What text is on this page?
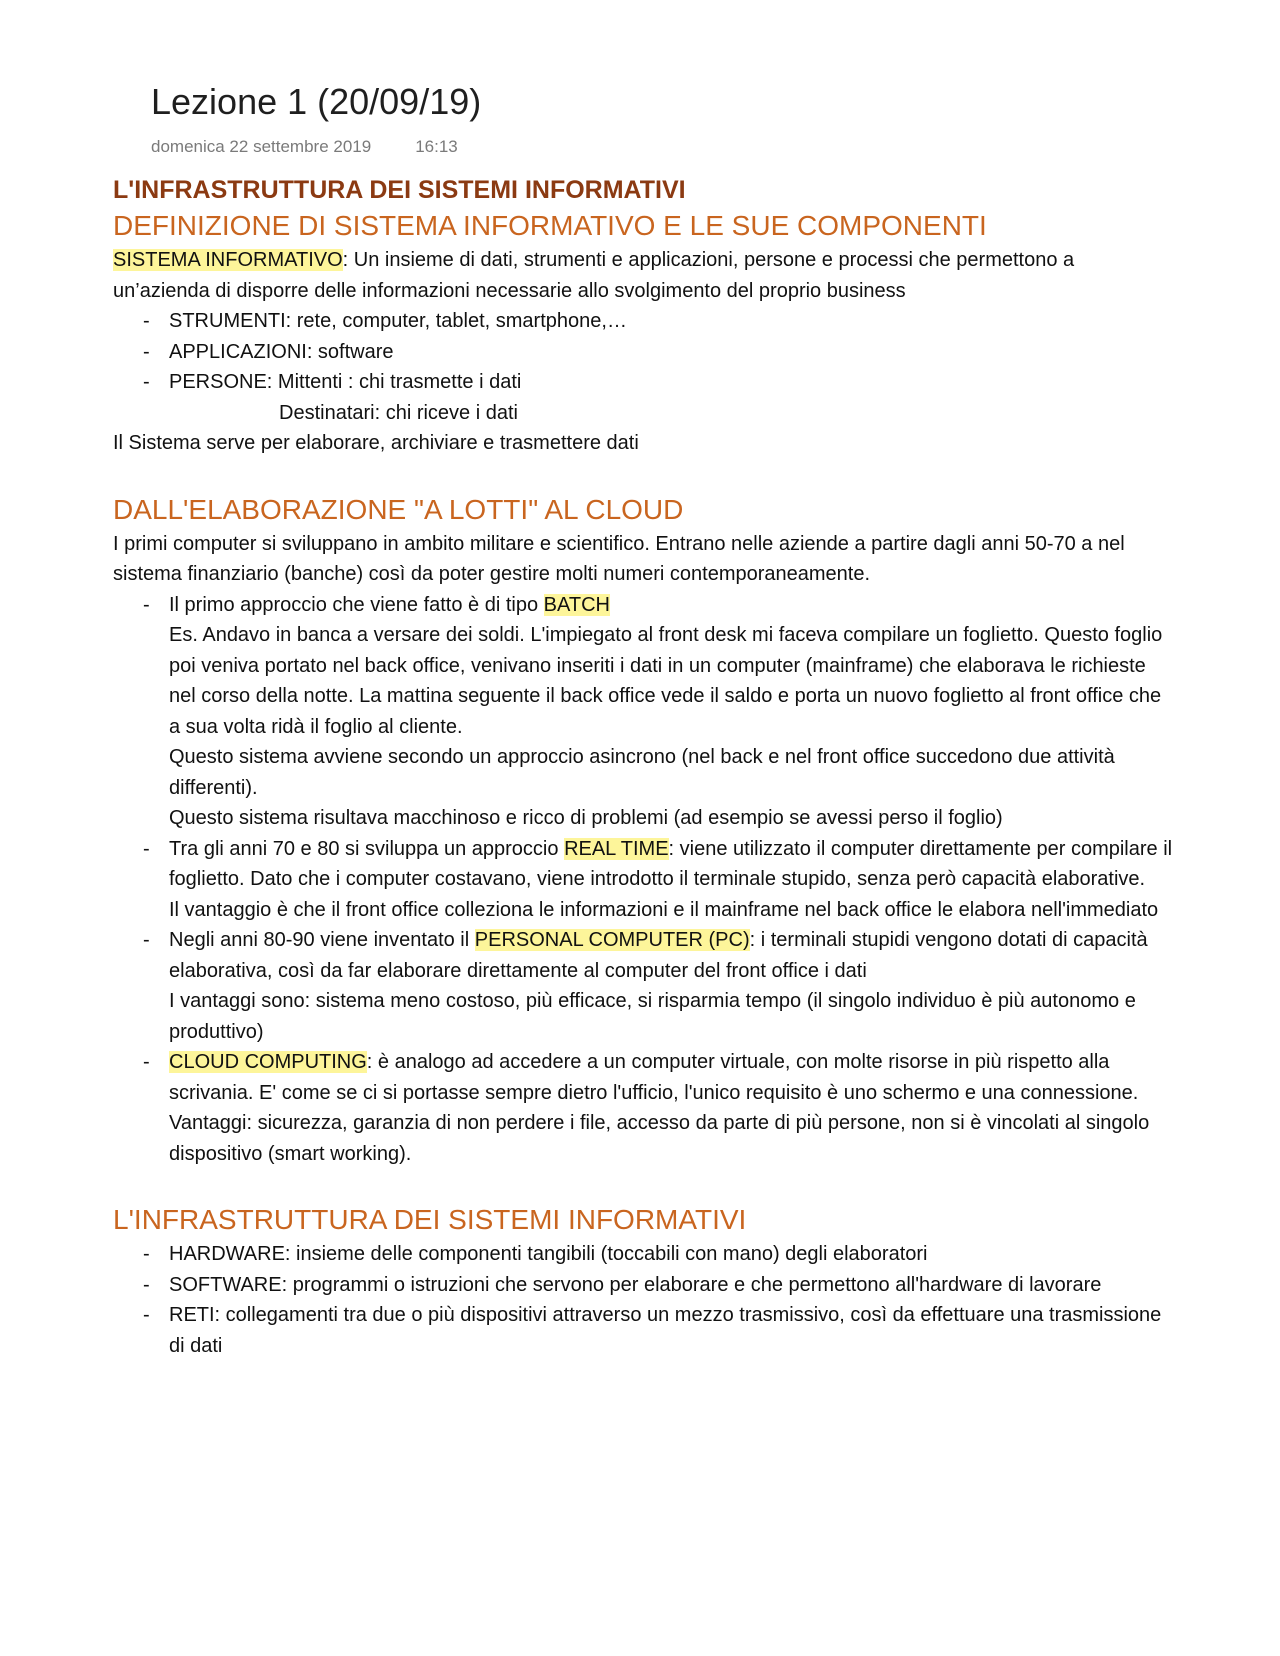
Lezione 1 (20/09/19)
domenica 22 settembre 2019	16:13
L'INFRASTRUTTURA DEI SISTEMI INFORMATIVI
DEFINIZIONE DI SISTEMA INFORMATIVO E LE SUE COMPONENTI

SISTEMA INFORMATIVO: Un insieme di dati, strumenti e applicazioni, persone e processi che permettono a un’azienda di disporre delle informazioni necessarie allo svolgimento del proprio business

- STRUMENTI: rete, computer, tablet, smartphone,…
- APPLICAZIONI: software
- PERSONE: Mittenti : chi trasmette i dati
Destinatari: chi riceve i dati

Il Sistema serve per elaborare, archiviare e trasmettere dati

DALL'ELABORAZIONE "A LOTTI" AL CLOUD

I primi computer si sviluppano in ambito militare e scientifico. Entrano nelle aziende a partire dagli anni 50-70 a nel sistema finanziario (banche) così da poter gestire molti numeri contemporaneamente.

- Il primo approccio che viene fatto è di tipo BATCH
Es. Andavo in banca a versare dei soldi. L'impiegato al front desk mi faceva compilare un foglietto. Questo foglio poi veniva portato nel back office, venivano inseriti i dati in un computer (mainframe) che elaborava le richieste nel corso della notte. La mattina seguente il back office vede il saldo e porta un nuovo foglietto al front office che a sua volta ridà il foglio al cliente.
Questo sistema avviene secondo un approccio asincrono (nel back e nel front office succedono due attività differenti).
Questo sistema risultava macchinoso e ricco di problemi (ad esempio se avessi perso il foglio)
- Tra gli anni 70 e 80 si sviluppa un approccio REAL TIME: viene utilizzato il computer direttamente per compilare il foglietto. Dato che i computer costavano, viene introdotto il terminale stupido, senza però capacità elaborative.
Il vantaggio è che il front office colleziona le informazioni e il mainframe nel back office le elabora nell'immediato
- Negli anni 80-90 viene inventato il PERSONAL COMPUTER (PC): i terminali stupidi vengono dotati di capacità elaborativa, così da far elaborare direttamente al computer del front office i dati
I vantaggi sono: sistema meno costoso, più efficace, si risparmia tempo (il singolo individuo è più autonomo e produttivo)
- CLOUD COMPUTING: è analogo ad accedere a un computer virtuale, con molte risorse in più rispetto alla scrivania. E' come se ci si portasse sempre dietro l'ufficio, l'unico requisito è uno schermo e una connessione.
Vantaggi: sicurezza, garanzia di non perdere i file, accesso da parte di più persone, non si è vincolati al singolo dispositivo (smart working).
L'INFRASTRUTTURA DEI SISTEMI INFORMATIVI
- HARDWARE: insieme delle componenti tangibili (toccabili con mano) degli elaboratori
- SOFTWARE: programmi o istruzioni che servono per elaborare e che permettono all'hardware di lavorare
- RETI: collegamenti tra due o più dispositivi attraverso un mezzo trasmissivo, così da effettuare una trasmissione di dati
